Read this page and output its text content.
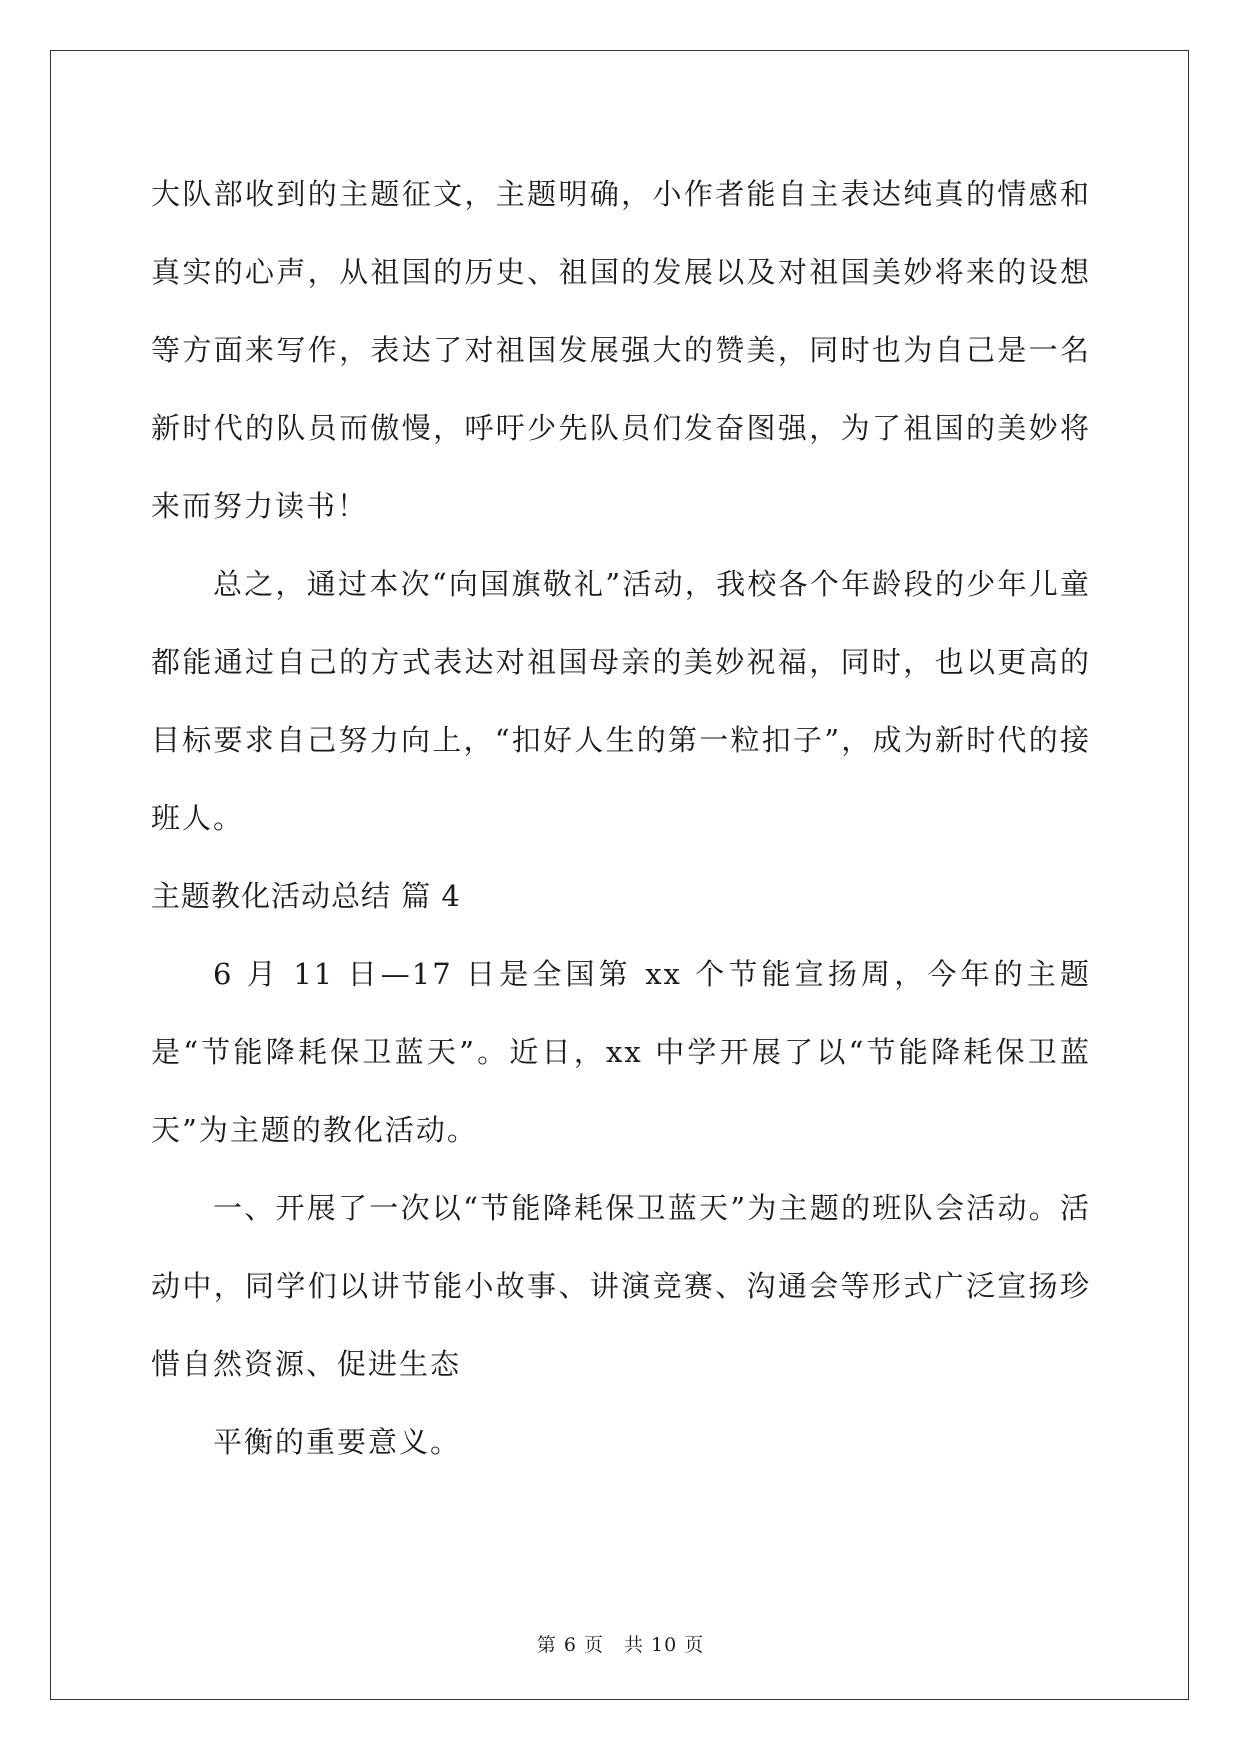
大队部收到的主题征文，主题明确，小作者能自主表达纯真的情感和真实的心声，从祖国的历史、祖国的发展以及对祖国美妙将来的设想等方面来写作，表达了对祖国发展强大的赞美，同时也为自己是一名新时代的队员而傲慢，呼吁少先队员们发奋图强，为了祖国的美妙将来而努力读书！

总之，通过本次“向国旗敬礼”活动，我校各个年龄段的少年儿童都能通过自己的方式表达对祖国母亲的美妙祝福，同时，也以更高的目标要求自己努力向上，“扣好人生的第一粒扣子”，成为新时代的接班人。

主题教化活动总结 篇 4

6 月 11 日—17 日是全国第 xx 个节能宣扬周，今年的主题是“节能降耗保卫蓝天”。近日，xx 中学开展了以“节能降耗保卫蓝天”为主题的教化活动。

一、开展了一次以“节能降耗保卫蓝天”为主题的班队会活动。活动中，同学们以讲节能小故事、讲演竞赛、沟通会等形式广泛宣扬珍惜自然资源、促进生态

平衡的重要意义。

第 6 页　共 10 页
